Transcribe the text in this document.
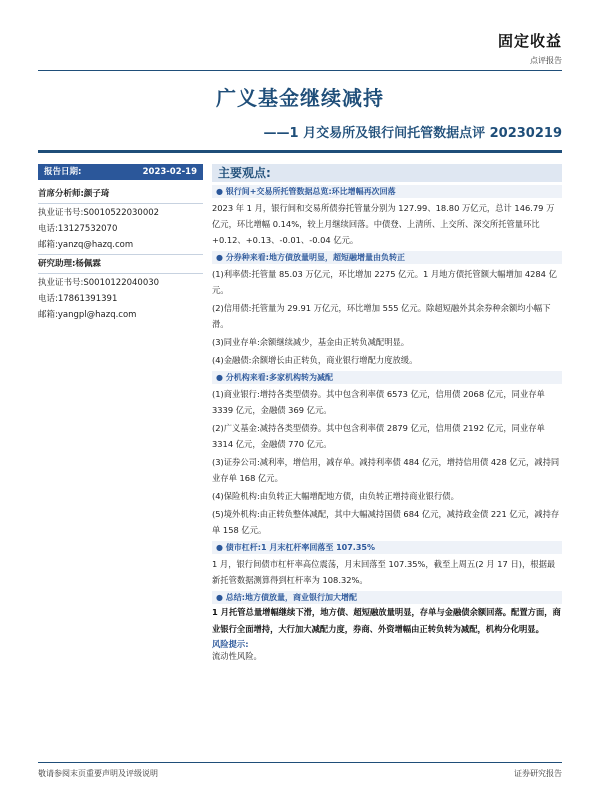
固定收益
点评报告
广义基金继续减持
——1 月交易所及银行间托管数据点评 20230219
报告日期:	2023-02-19
首席分析师:颜子琦
执业证书号:S0010522030002
电话:13127532070
邮箱:yanzq@hazq.com
研究助理:杨佩霖
执业证书号:S0010122040030
电话:17861391391
邮箱:yangpl@hazq.com
主要观点:
● 银行间+交易所托管数据总览:环比增幅再次回落
2023 年 1 月，银行间和交易所债券托管量分别为 127.99、18.80 万亿元，总计 146.79 万亿元，环比增幅 0.14%，较上月继续回落。中债登、上清所、上交所、深交所托管量环比+0.12、+0.13、-0.01、-0.04 亿元。
● 分券种来看:地方债放量明显，超短融增量由负转正
(1)利率债:托管量 85.03 万亿元，环比增加 2275 亿元。1 月地方债托管额大幅增加 4284 亿元。
(2)信用债:托管量为 29.91 万亿元，环比增加 555 亿元。除超短融外其余券种余额均小幅下滑。
(3)同业存单:余额继续减少，基金由正转负减配明显。
(4)金融债:余额增长由正转负，商业银行增配力度放缓。
● 分机构来看:多家机构转为减配
(1)商业银行:增持各类型债券。其中包含利率债 6573 亿元，信用债 2068 亿元，同业存单 3339 亿元，金融债 369 亿元。
(2)广义基金:减持各类型债券。其中包含利率债 2879 亿元，信用债 2192 亿元，同业存单 3314 亿元，金融债 770 亿元。
(3)证券公司:减利率，增信用，减存单。减持利率债 484 亿元，增持信用债 428 亿元，减持同业存单 168 亿元。
(4)保险机构:由负转正大幅增配地方债，由负转正增持商业银行债。
(5)境外机构:由正转负整体减配，其中大幅减持国债 684 亿元，减持政金债 221 亿元，减持存单 158 亿元。
● 债市杠杆:1 月末杠杆率回落至 107.35%
1 月，银行间债市杠杆率高位震荡，月末回落至 107.35%，截至上周五(2 月 17 日)，根据最新托管数据测算得到杠杆率为 108.32%。
● 总结:地方债放量，商业银行加大增配
1 月托管总量增幅继续下滑，地方债、超短融放量明显，存单与金融债余额回落。配置方面，商业银行全面增持，大行加大减配力度，券商、外资增幅由正转负转为减配，机构分化明显。
风险提示:
流动性风险。
敬请参阅末页重要声明及评级说明	证券研究报告
